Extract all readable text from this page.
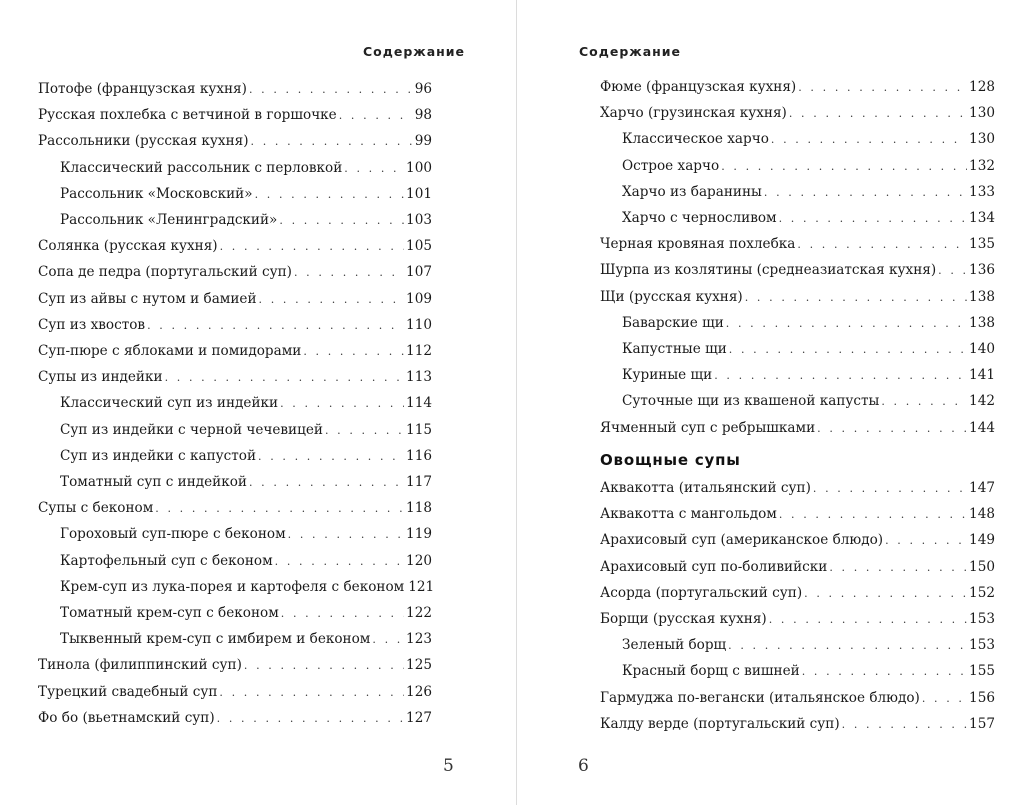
Содержание
Потофе (французская кухня) . . .	96
Русская похлебка с ветчиной в горшочке . . .	98
Рассольники (русская кухня) . . .	99
Классический рассольник с перловкой . . .	100
Рассольник «Московский» . . .	101
Рассольник «Ленинградский» . . .	103
Солянка (русская кухня) . . .	105
Сопа де педра (португальский суп) . . .	107
Суп из айвы с нутом и бамией . . .	109
Суп из хвостов . . .	110
Суп-пюре с яблоками и помидорами . . .	112
Супы из индейки . . .	113
Классический суп из индейки . . .	114
Суп из индейки с черной чечевицей . . .	115
Суп из индейки с капустой . . .	116
Томатный суп с индейкой . . .	117
Супы с беконом . . .	118
Гороховый суп-пюре с беконом . . .	119
Картофельный суп с беконом . . .	120
Крем-суп из лука-порея и картофеля с беконом 121
Томатный крем-суп с беконом . . .	122
Тыквенный крем-суп с имбирем и беконом . . .	123
Тинола (филиппинский суп) . . .	125
Турецкий свадебный суп . . .	126
Фо бо (вьетнамский суп) . . .	127
5
Содержание
Фюме (французская кухня) . . .	128
Харчо (грузинская кухня) . . .	130
Классическое харчо . . .	130
Острое харчо . . .	132
Харчо из баранины . . .	133
Харчо с черносливом . . .	134
Черная кровяная похлебка . . .	135
Шурпа из козлятины (среднеазиатская кухня) . . . 136
Щи (русская кухня) . . .	138
Баварские щи . . .	138
Капустные щи . . .	140
Куриные щи . . .	141
Суточные щи из квашеной капусты . . .	142
Ячменный суп с ребрышками . . .	144
Аквакотта (итальянский суп) . . .	147
Аквакотта с мангольдом . . .	148
Арахисовый суп (американское блюдо) . . .	149
Арахисовый суп по-боливийски . . .	150
Асорда (португальский суп) . . .	152
Борщи (русская кухня) . . .	153
Зеленый борщ . . .	153
Красный борщ с вишней . . .	155
Гармуджа по-вегански (итальянское блюдо) . . .	156
Калду верде (португальский суп) . . .	157
Овощные супы
6
